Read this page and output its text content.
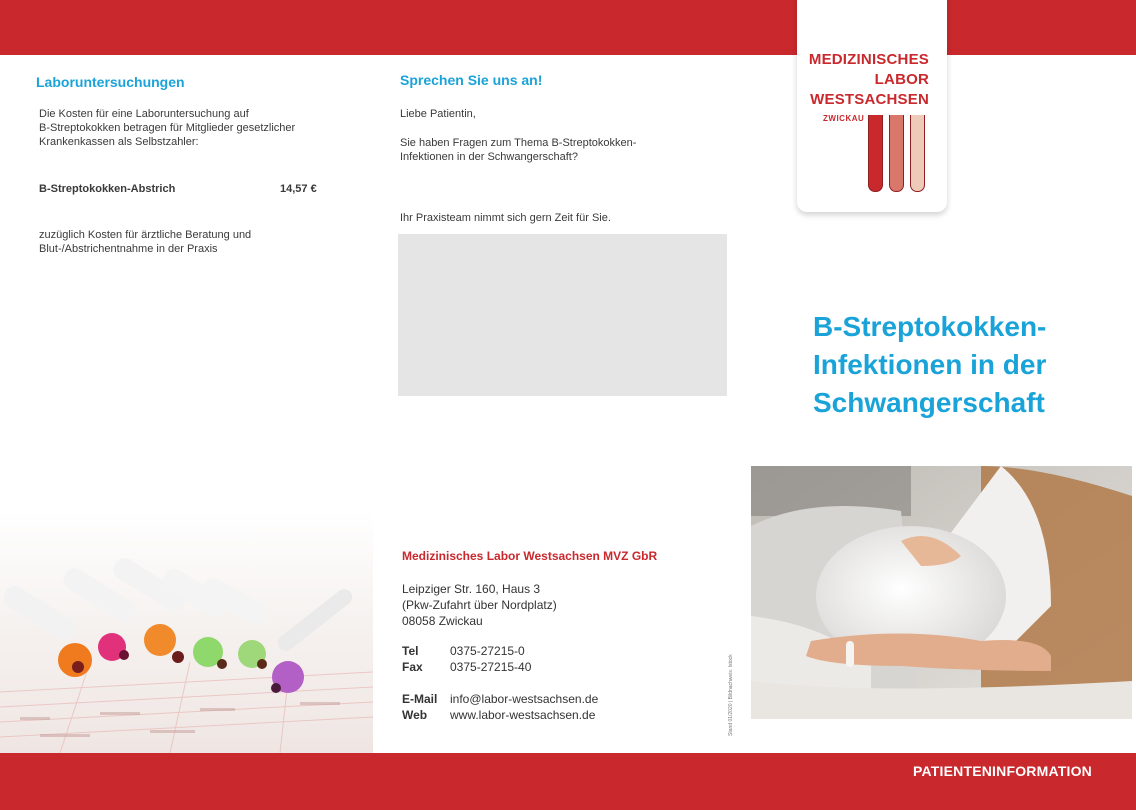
MEDIZINISCHES
LABOR
WESTSACHSEN
ZWICKAU
Laboruntersuchungen
Die Kosten für eine Laboruntersuchung auf
B-Streptokokken betragen für Mitglieder gesetzlicher
Krankenkassen als Selbstzahler:
B-Streptokokken-Abstrich	14,57 €
zuzüglich Kosten für ärztliche Beratung und
Blut-/Abstrichentnahme in der Praxis
Sprechen Sie uns an!
Liebe Patientin,
Sie haben Fragen zum Thema B-Streptokokken-
Infektionen in der Schwangerschaft?
Ihr Praxisteam nimmt sich gern Zeit für Sie.
Medizinisches Labor Westsachsen MVZ GbR
Leipziger Str. 160, Haus 3
(Pkw-Zufahrt über Nordplatz)
08058 Zwickau
Tel	0375-27215-0
Fax 0375-27215-40
E-Mail info@labor-westsachsen.de
Web www.labor-westsachsen.de	Stand 01/2020 | Bildnachweis: Istock
B-Streptokokken-
Infektionen in der
Schwangerschaft
PATIENTENINFORMATION
